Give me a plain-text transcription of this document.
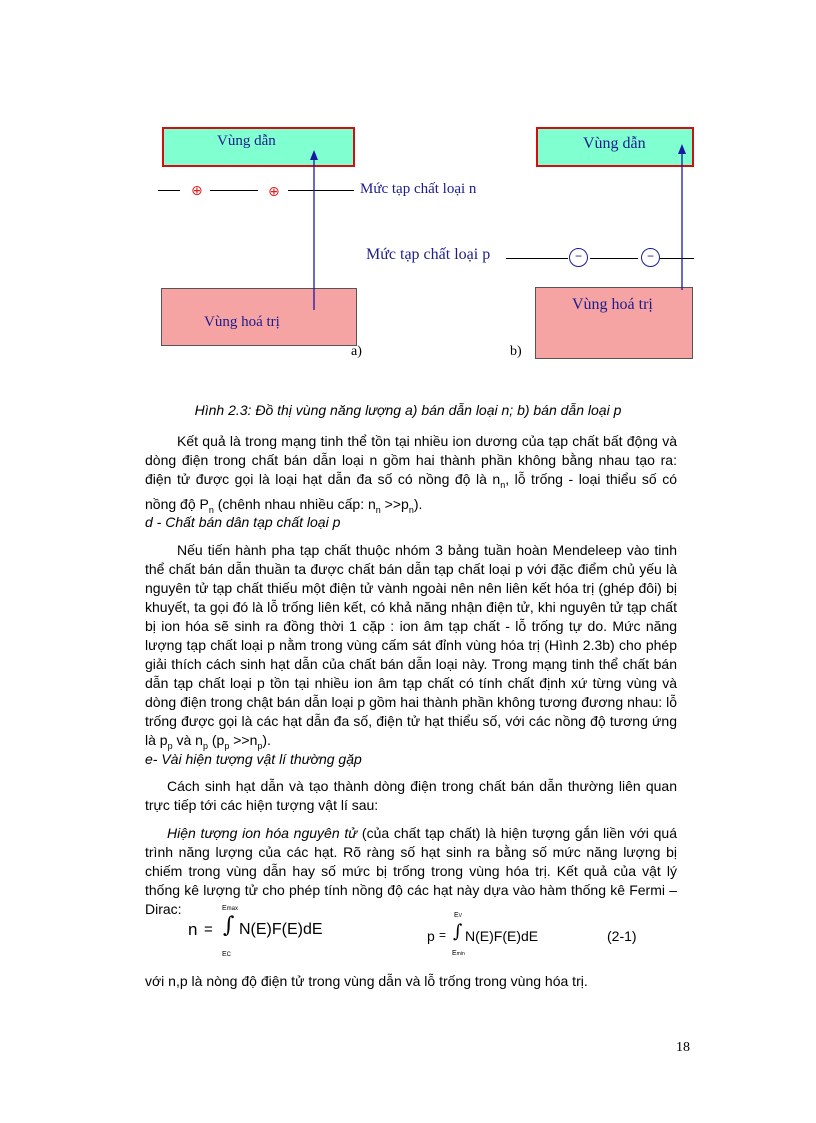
Vùng dẫn
Vùng hoá trị
⊕	⊕	Mức tạp chất loại n
a)
Vùng dẫn
Vùng hoá trị
−	−
Mức tạp chất loại p
b)
Hình 2.3: Đồ thị vùng năng lượng a) bán dẫn loại n; b) bán dẫn loại p
Kết quả là trong mạng tinh thể tồn tại nhiều ion dương của tạp chất bất động và dòng điện trong chất bán dẫn loại n gồm hai thành phần không bằng nhau tạo ra: điện tử được gọi là loại hạt dẫn đa số có nồng độ là $n_n$, lỗ trống - loại thiểu số có nồng độ $P_n$ (chênh nhau nhiều cấp: $n_n >>p_n$).
d - Chất bán dân tạp chất loại p
Nếu tiến hành pha tạp chất thuộc nhóm 3 bảng tuần hoàn Mendeleep vào tinh thể chất bán dẫn thuần ta được chất bán dẫn tạp chất loại p với đặc điểm chủ yếu là nguyên tử tạp chất thiếu một điện tử vành ngoài nên nên liên kết hóa trị (ghép đôi) bị khuyết, ta gọi đó là lỗ trống liên kết, có khả năng nhận điện tử, khi nguyên tử tạp chất bị ion hóa sẽ sinh ra đồng thời 1 cặp : ion âm tạp chất - lỗ trống tự do. Mức năng lượng tạp chất loại p nằm trong vùng cấm sát đỉnh vùng hóa trị (Hình 2.3b) cho phép giải thích cách sinh hạt dẫn của chất bán dẫn loại này. Trong mạng tinh thể chất bán dẫn tạp chất loại p tồn tại nhiều ion âm tạp chất có tính chất định xứ từng vùng và dòng điện trong chật bán dẫn loại p gồm hai thành phần không tương đương nhau: lỗ trống được gọi là các hạt dẫn đa số, điện tử hạt thiểu số, với các nồng độ tương ứng là $p_p$ và $n_p$ $(p_p >>n_p)$.
e- Vài hiện tượng vật lí thường gặp
Cách sinh hạt dẫn và tạo thành dòng điện trong chất bán dẫn thường liên quan trực tiếp tới các hiện tượng vật lí sau:
Hiện tượng ion hóa nguyên tử (của chất tạp chất) là hiện tượng gắn liền với quá trình năng lượng của các hạt. Rõ ràng số hạt sinh ra bằng số mức năng lượng bị chiếm trong vùng dẫn hay số mức bị trống trong vùng hóa trị. Kết quả của vật lý thống kê lượng tử cho phép tính nồng độ các hạt này dựa vào hàm thống kê Fermi – Dirac:
n = ∫
Emax
EC
N(E)F(E)dE	p = ∫
EV
Emin
N(E)F(E)dE	(2-1)
với n,p là nòng độ điện tử trong vùng dẫn và lỗ trống trong vùng hóa trị.
18
